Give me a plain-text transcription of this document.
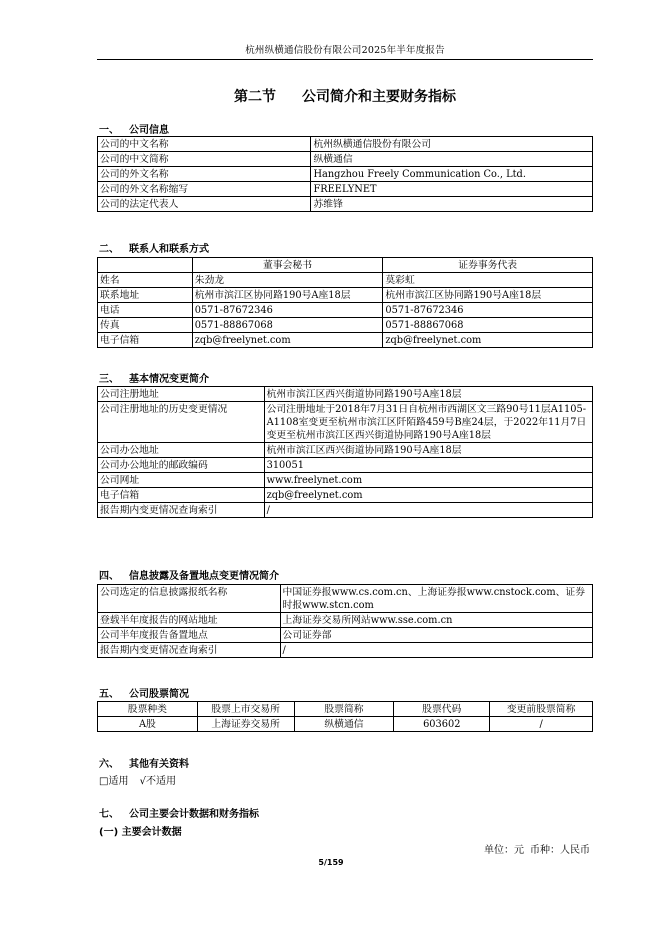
杭州纵横通信股份有限公司2025年半年度报告
第二节 公司简介和主要财务指标
一、 公司信息
公司的中文名称	杭州纵横通信股份有限公司
公司的中文简称	纵横通信
公司的外文名称	Hangzhou Freely Communication Co., Ltd.
公司的外文名称缩写	FREELYNET
公司的法定代表人	苏维锋
二、 联系人和联系方式
	董事会秘书	证券事务代表
姓名	朱劲龙	莫彩虹
联系地址	杭州市滨江区协同路190号A座18层	杭州市滨江区协同路190号A座18层
电话	0571-87672346	0571-87672346
传真	0571-88867068	0571-88867068
电子信箱	zqb@freelynet.com	zqb@freelynet.com
三、 基本情况变更简介
公司注册地址	杭州市滨江区西兴街道协同路190号A座18层
公司注册地址的历史变更情况	公司注册地址于2018年7月31日自杭州市西湖区文三路90号11层A1105-A1108室变更至杭州市滨江区阡陌路459号B座24层，于2022年11月7日变更至杭州市滨江区西兴街道协同路190号A座18层
公司办公地址	杭州市滨江区西兴街道协同路190号A座18层
公司办公地址的邮政编码	310051
公司网址	www.freelynet.com
电子信箱	zqb@freelynet.com
报告期内变更情况查询索引	/
四、 信息披露及备置地点变更情况简介
公司选定的信息披露报纸名称	中国证券报www.cs.com.cn、上海证券报www.cnstock.com、证券时报www.stcn.com
登载半年度报告的网站地址	上海证券交易所网站www.sse.com.cn
公司半年度报告备置地点	公司证券部
报告期内变更情况查询索引	/
五、 公司股票简况
股票种类	股票上市交易所	股票简称	股票代码	变更前股票简称
A股	上海证券交易所	纵横通信	603602	/
六、 其他有关资料
□适用 √不适用
七、 公司主要会计数据和财务指标
(一) 主要会计数据
单位：元 币种：人民币
5/159
